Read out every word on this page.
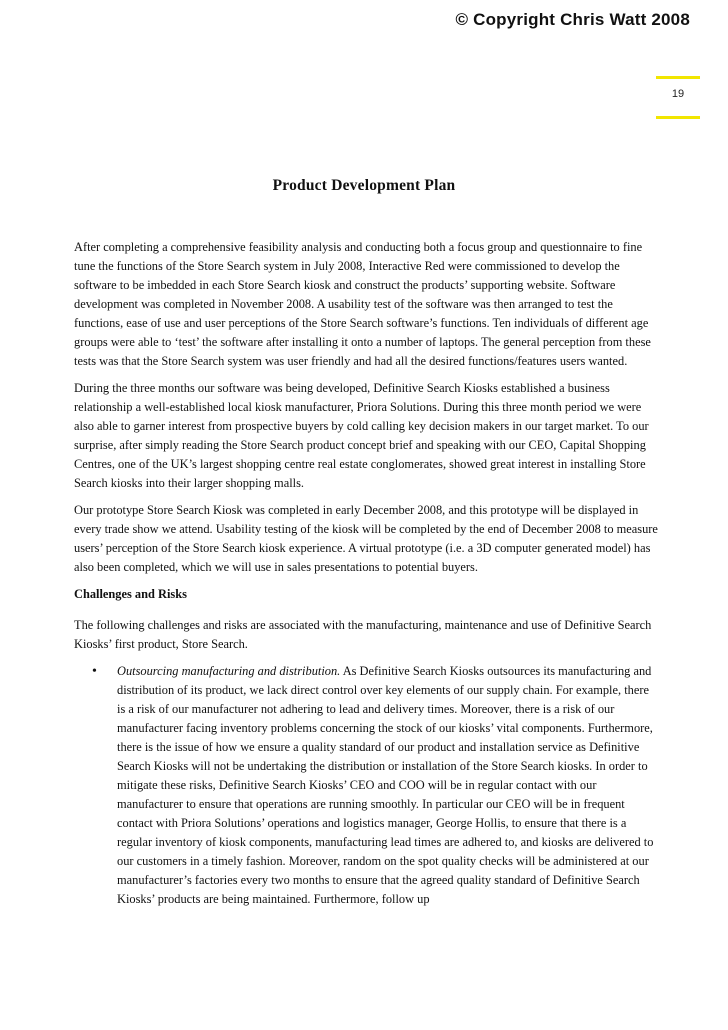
© Copyright Chris Watt 2008
19
Product Development Plan

After completing a comprehensive feasibility analysis and conducting both a focus group and questionnaire to fine tune the functions of the Store Search system in July 2008, Interactive Red were commissioned to develop the software to be imbedded in each Store Search kiosk and construct the products’ supporting website. Software development was completed in November 2008. A usability test of the software was then arranged to test the functions, ease of use and user perceptions of the Store Search software’s functions. Ten individuals of different age groups were able to ‘test’ the software after installing it onto a number of laptops. The general perception from these tests was that the Store Search system was user friendly and had all the desired functions/features users wanted.

During the three months our software was being developed, Definitive Search Kiosks established a business relationship a well-established local kiosk manufacturer, Priora Solutions. During this three month period we were also able to garner interest from prospective buyers by cold calling key decision makers in our target market. To our surprise, after simply reading the Store Search product concept brief and speaking with our CEO, Capital Shopping Centres, one of the UK’s largest shopping centre real estate conglomerates, showed great interest in installing Store Search kiosks into their larger shopping malls.

Our prototype Store Search Kiosk was completed in early December 2008, and this prototype will be displayed in every trade show we attend. Usability testing of the kiosk will be completed by the end of December 2008 to measure users’ perception of the Store Search kiosk experience. A virtual prototype (i.e. a 3D computer generated model) has also been completed, which we will use in sales presentations to potential buyers.

Challenges and Risks

The following challenges and risks are associated with the manufacturing, maintenance and use of Definitive Search Kiosks’ first product, Store Search.

• Outsourcing manufacturing and distribution. As Definitive Search Kiosks outsources its manufacturing and distribution of its product, we lack direct control over key elements of our supply chain. For example, there is a risk of our manufacturer not adhering to lead and delivery times. Moreover, there is a risk of our manufacturer facing inventory problems concerning the stock of our kiosks’ vital components. Furthermore, there is the issue of how we ensure a quality standard of our product and installation service as Definitive Search Kiosks will not be undertaking the distribution or installation of the Store Search kiosks. In order to mitigate these risks, Definitive Search Kiosks’ CEO and COO will be in regular contact with our manufacturer to ensure that operations are running smoothly. In particular our CEO will be in frequent contact with Priora Solutions’ operations and logistics manager, George Hollis, to ensure that there is a regular inventory of kiosk components, manufacturing lead times are adhered to, and kiosks are delivered to our customers in a timely fashion. Moreover, random on the spot quality checks will be administered at our manufacturer’s factories every two months to ensure that the agreed quality standard of Definitive Search Kiosks’ products are being maintained. Furthermore, follow up
